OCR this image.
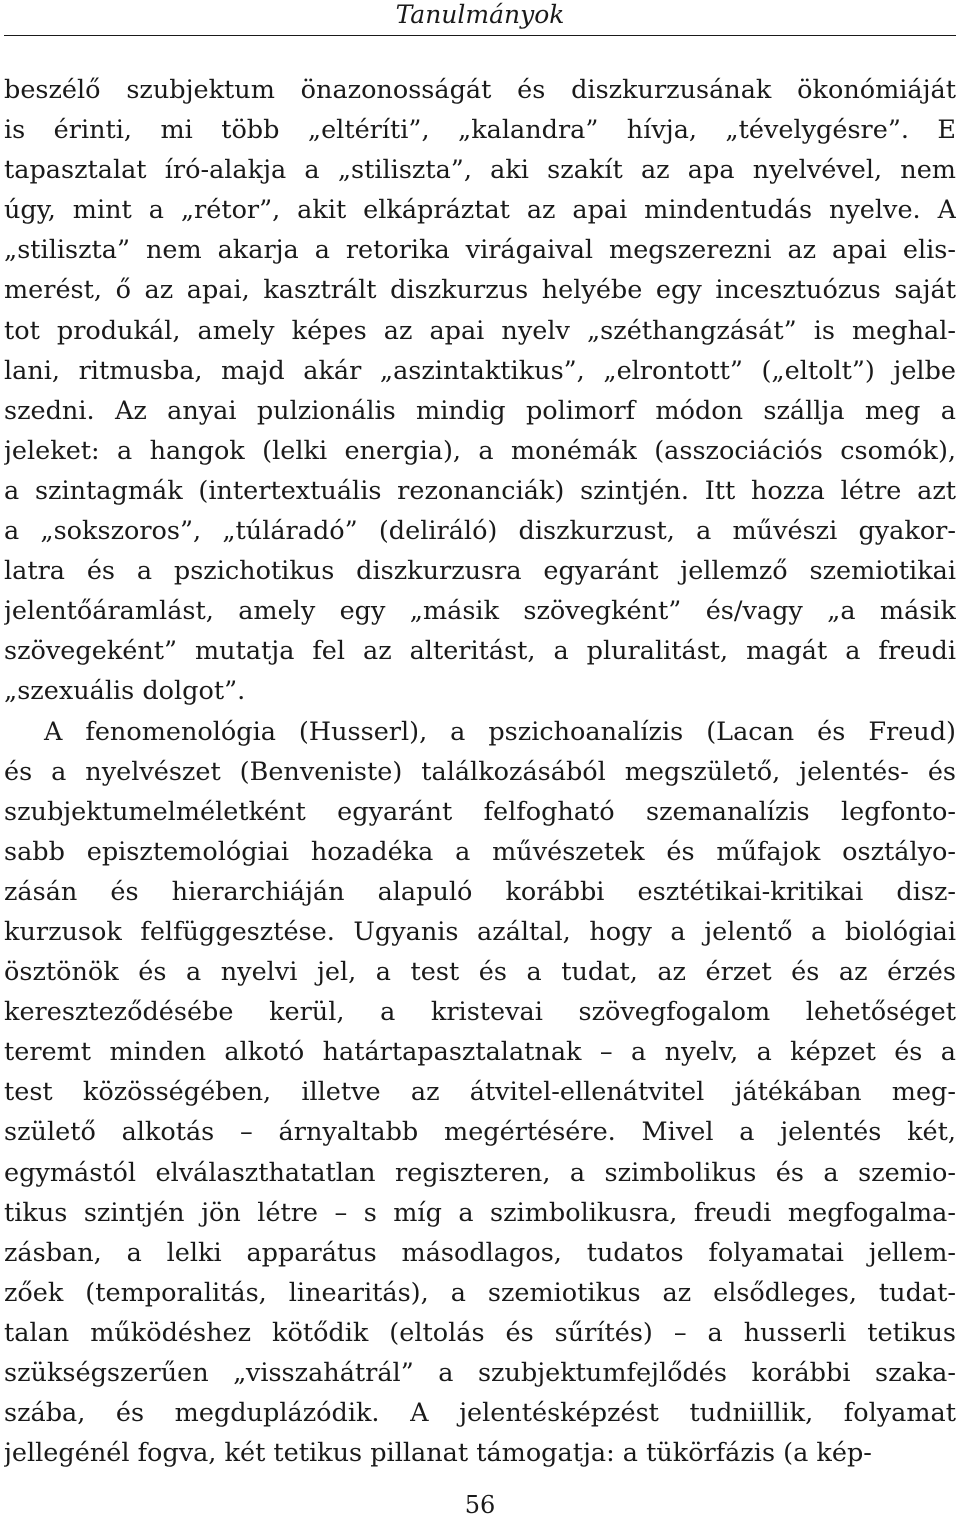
Tanulmányok
beszélő szubjektum önazonosságát és diszkurzusának ökonómiáját
is érinti, mi több „eltéríti”, „kalandra” hívja, „tévelygésre”. E
tapasztalat író-alakja a „stiliszta”, aki szakít az apa nyelvével, nem
úgy, mint a „rétor”, akit elkápráztat az apai mindentudás nyelve. A
„stiliszta” nem akarja a retorika virágaival megszerezni az apai elis-
merést, ő az apai, kasztrált diszkurzus helyébe egy incesztuózus saját
tot produkál, amely képes az apai nyelv „széthangzását” is meghal-
lani, ritmusba, majd akár „aszintaktikus”, „elrontott” („eltolt”) jelbe
szedni. Az anyai pulzionális mindig polimorf módon szállja meg a
jeleket: a hangok (lelki energia), a monémák (asszociációs csomók),
a szintagmák (intertextuális rezonanciák) szintjén. Itt hozza létre azt
a „sokszoros”, „túláradó” (deliráló) diszkurzust, a művészi gyakor-
latra és a pszichotikus diszkurzusra egyaránt jellemző szemiotikai
jelentőáramlást, amely egy „másik szövegként” és/vagy „a másik
szövegeként” mutatja fel az alteritást, a pluralitást, magát a freudi
„szexuális dolgot”.
A fenomenológia (Husserl), a pszichoanalízis (Lacan és Freud)
és a nyelvészet (Benveniste) találkozásából megszülető, jelentés- és
szubjektumelméletként egyaránt felfogható szemanalízis legfonto-
sabb episztemológiai hozadéka a művészetek és műfajok osztályo-
zásán és hierarchiáján alapuló korábbi esztétikai-kritikai disz-
kurzusok felfüggesztése. Ugyanis azáltal, hogy a jelentő a biológiai
ösztönök és a nyelvi jel, a test és a tudat, az érzet és az érzés
kereszteződésébe kerül, a kristevai szövegfogalom lehetőséget
teremt minden alkotó határtapasztalatnak – a nyelv, a képzet és a
test közösségében, illetve az átvitel-ellenátvitel játékában meg-
születő alkotás – árnyaltabb megértésére. Mivel a jelentés két,
egymástól elválaszthatatlan regiszteren, a szimbolikus és a szemio-
tikus szintjén jön létre – s míg a szimbolikusra, freudi megfogalma-
zásban, a lelki apparátus másodlagos, tudatos folyamatai jellem-
zőek (temporalitás, linearitás), a szemiotikus az elsődleges, tudat-
talan működéshez kötődik (eltolás és sűrítés) – a husserli tetikus
szükségszerűen „visszahátrál” a szubjektumfejlődés korábbi szaka-
szába, és megduplázódik. A jelentésképzést tudniillik, folyamat
jellegénél fogva, két tetikus pillanat támogatja: a tükörfázis (a kép-
56
